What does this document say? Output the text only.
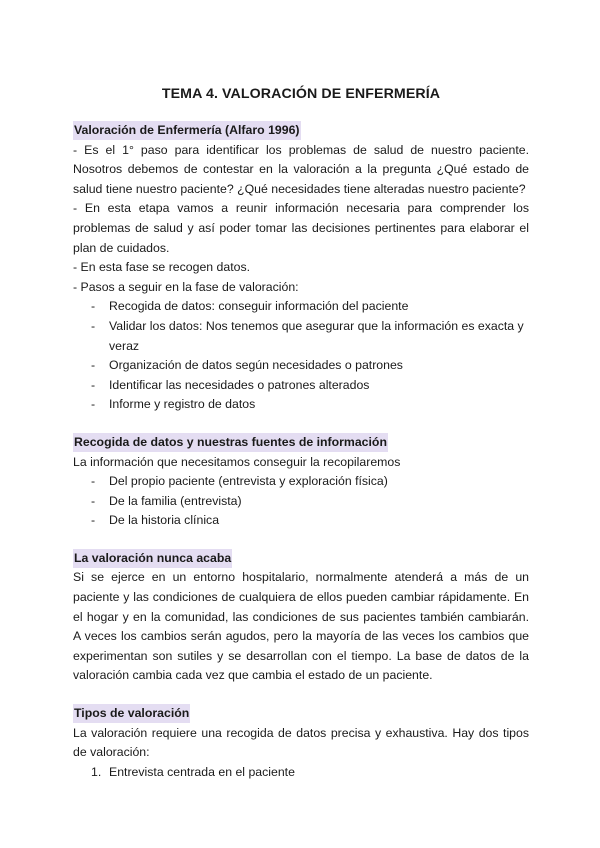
TEMA 4. VALORACIÓN DE ENFERMERÍA
Valoración de Enfermería (Alfaro 1996)

- Es el 1° paso para identificar los problemas de salud de nuestro paciente. Nosotros debemos de contestar en la valoración a la pregunta ¿Qué estado de salud tiene nuestro paciente? ¿Qué necesidades tiene alteradas nuestro paciente?

- En esta etapa vamos a reunir información necesaria para comprender los problemas de salud y así poder tomar las decisiones pertinentes para elaborar el plan de cuidados.

- En esta fase se recogen datos.

- Pasos a seguir en la fase de valoración:

- Recogida de datos: conseguir información del paciente
- Validar los datos: Nos tenemos que asegurar que la información es exacta y veraz
- Organización de datos según necesidades o patrones
- Identificar las necesidades o patrones alterados
- Informe y registro de datos
Recogida de datos y nuestras fuentes de información

La información que necesitamos conseguir la recopilaremos

- Del propio paciente (entrevista y exploración física)
- De la familia (entrevista)
- De la historia clínica
La valoración nunca acaba

Si se ejerce en un entorno hospitalario, normalmente atenderá a más de un paciente y las condiciones de cualquiera de ellos pueden cambiar rápidamente. En el hogar y en la comunidad, las condiciones de sus pacientes también cambiarán. A veces los cambios serán agudos, pero la mayoría de las veces los cambios que experimentan son sutiles y se desarrollan con el tiempo. La base de datos de la valoración cambia cada vez que cambia el estado de un paciente.

Tipos de valoración

La valoración requiere una recogida de datos precisa y exhaustiva. Hay dos tipos de valoración:

1. Entrevista centrada en el paciente
